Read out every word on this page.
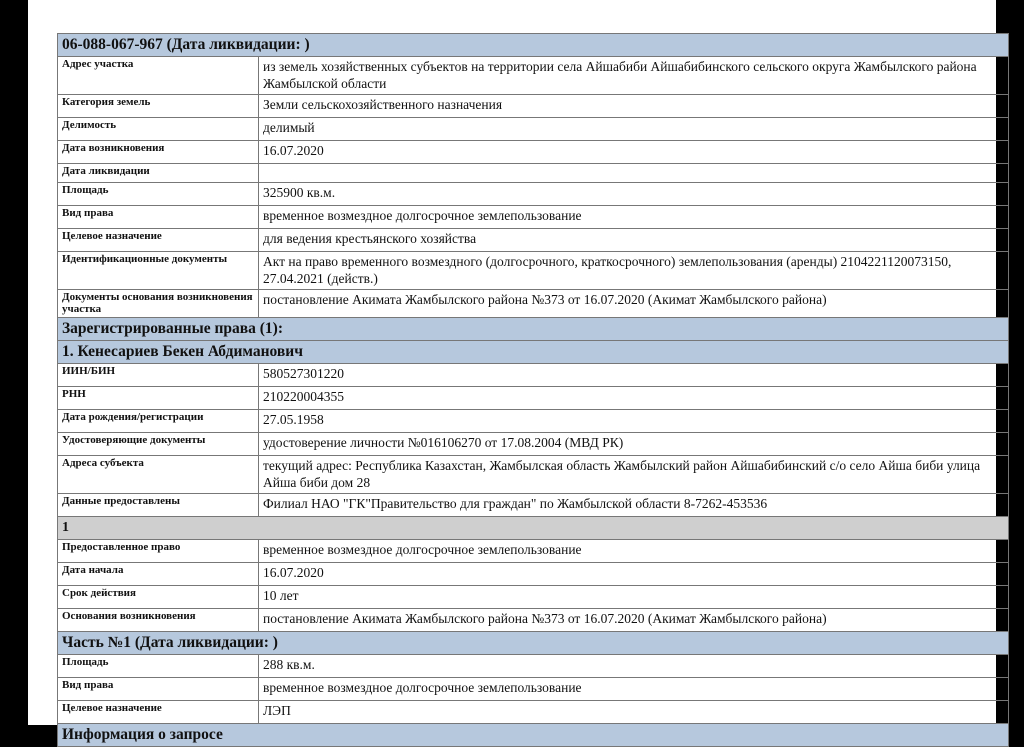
06-088-067-967 (Дата ликвидации: )	
Адрес участка	из земель хозяйственных субъектов на территории села Айшабиби Айшабибинского сельского округа Жамбылского района Жамбылской области
Категория земель	Земли сельскохозяйственного назначения
Делимость	делимый
Дата возникновения	16.07.2020
Дата ликвидации	
Площадь	325900 кв.м.
Вид права	временное возмездное долгосрочное землепользование
Целевое назначение	для ведения крестьянского хозяйства
Идентификационные документы	Акт на право временного возмездного (долгосрочного, краткосрочного) землепользования (аренды) 2104221120073150, 27.04.2021 (действ.)
Документы основания возникновения участка	постановление Акимата Жамбылского района №373 от 16.07.2020 (Акимат Жамбылского района)
Зарегистрированные права (1):	
1. Кенесариев Бекен Абдиманович	
ИИН/БИН	580527301220
РНН	210220004355
Дата рождения/регистрации	27.05.1958
Удостоверяющие документы	удостоверение личности №016106270 от 17.08.2004 (МВД РК)
Адреса субъекта	текущий адрес: Республика Казахстан, Жамбылская область Жамбылский район Айшабибинский с/о село Айша биби улица Айша биби дом 28
Данные предоставлены	Филиал НАО "ГК"Правительство для граждан" по Жамбылской области 8-7262-453536
1	
Предоставленное право	временное возмездное долгосрочное землепользование
Дата начала	16.07.2020
Срок действия	10 лет
Основания возникновения	постановление Акимата Жамбылского района №373 от 16.07.2020 (Акимат Жамбылского района)
Часть №1 (Дата ликвидации: )	
Площадь	288 кв.м.
Вид права	временное возмездное долгосрочное землепользование
Целевое назначение	ЛЭП
Информация о запросе	
